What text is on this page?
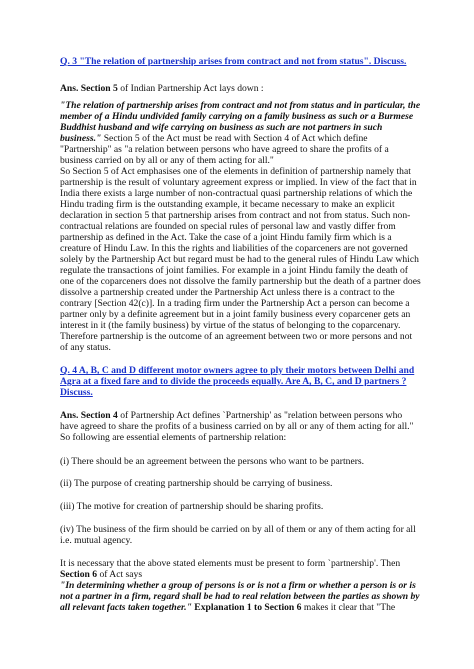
Q. 3 "The relation of partnership arises from contract and not from status". Discuss.
Ans. Section 5 of Indian Partnership Act lays down :
"The relation of partnership arises from contract and not from status and in particular, the
member of a Hindu undivided family carrying on a family business as such or a Burmese
Buddhist husband and wife carrying on business as such are not partners in such
business." Section 5 of the Act must be read with Section 4 of Act which define
"Partnership" as "a relation between persons who have agreed to share the profits of a
business carried on by all or any of them acting for all."
So Section 5 of Act emphasises one of the elements in definition of partnership namely that
partnership is the result of voluntary agreement express or implied. In view of the fact that in
India there exists a large number of non-contractual quasi partnership relations of which the
Hindu trading firm is the outstanding example, it became necessary to make an explicit
declaration in section 5 that partnership arises from contract and not from status. Such non-
contractual relations are founded on special rules of personal law and vastly differ from
partnership as defined in the Act. Take the case of a joint Hindu family firm which is a
creature of Hindu Law. In this the rights and liabilities of the coparceners are not governed
solely by the Partnership Act but regard must be had to the general rules of Hindu Law which
regulate the transactions of joint families. For example in a joint Hindu family the death of
one of the coparceners does not dissolve the family partnership but the death of a partner does
dissolve a partnership created under the Partnership Act unless there is a contract to the
contrary [Section 42(c)]. In a trading firm under the Partnership Act a person can become a
partner only by a definite agreement but in a joint family business every coparcener gets an
interest in it (the family business) by virtue of the status of belonging to the coparcenary.
Therefore partnership is the outcome of an agreement between two or more persons and not
of any status.
Q. 4 A, B, C and D different motor owners agree to ply their motors between Delhi and
Agra at a fixed fare and to divide the proceeds equally. Are A, B, C, and D partners ?
Discuss.
Ans. Section 4 of Partnership Act defines `Partnership' as "relation between persons who
have agreed to share the profits of a business carried on by all or any of them acting for all."
So following are essential elements of partnership relation:
(i) There should be an agreement between the persons who want to be partners.
(ii) The purpose of creating partnership should be carrying of business.
(iii) The motive for creation of partnership should be sharing profits.
(iv) The business of the firm should be carried on by all of them or any of them acting for all
i.e. mutual agency.
It is necessary that the above stated elements must be present to form `partnership'. Then
Section 6 of Act says
"In determining whether a group of persons is or is not a firm or whether a person is or is
not a partner in a firm, regard shall be had to real relation between the parties as shown by
all relevant facts taken together." Explanation 1 to Section 6 makes it clear that "The
